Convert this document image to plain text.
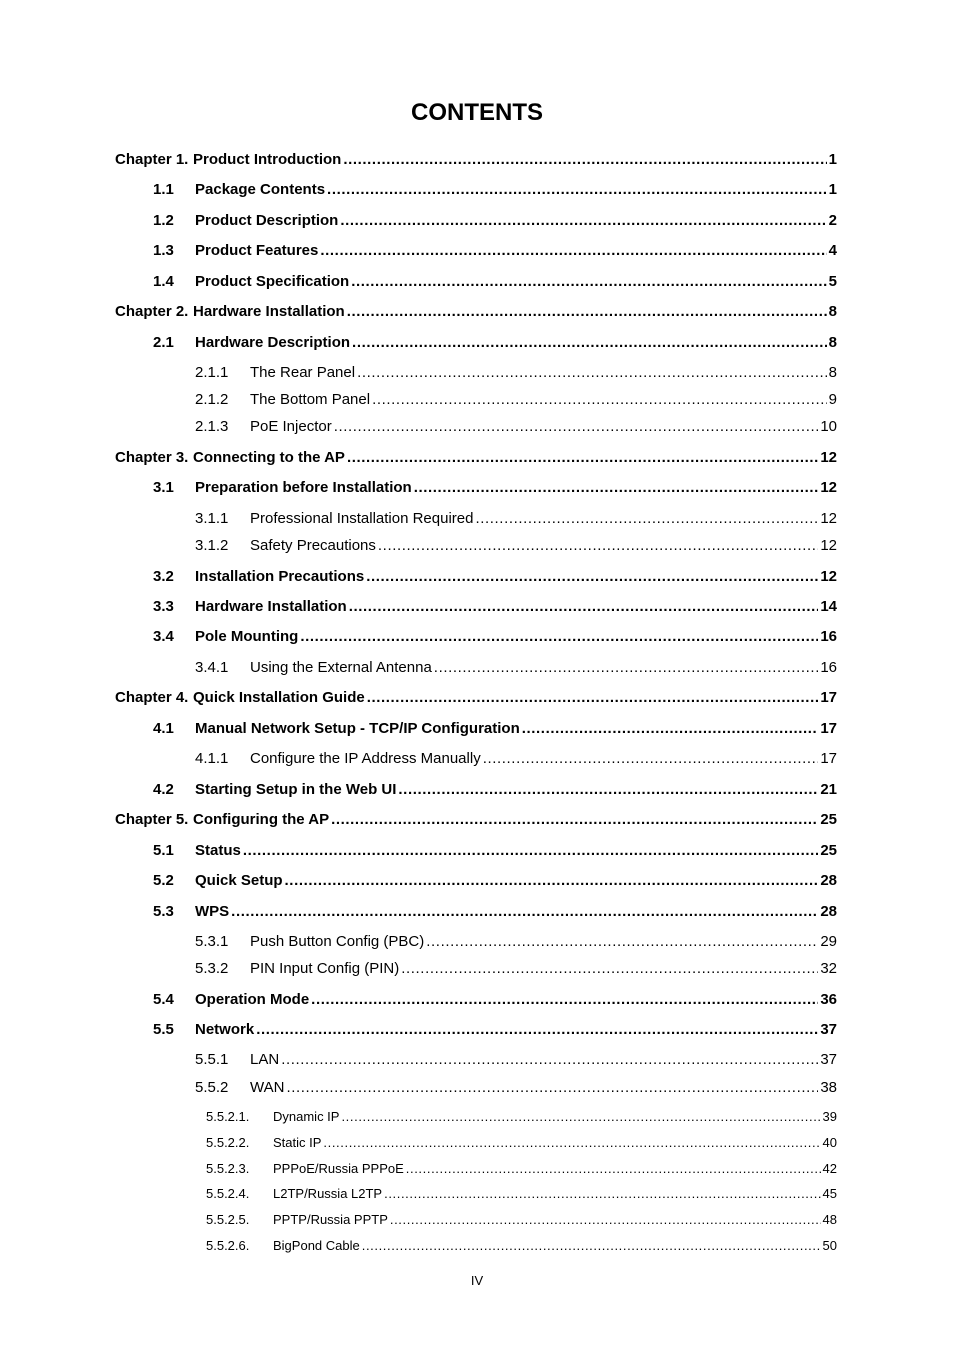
CONTENTS
Chapter 1. Product Introduction .....	1
1.1	Package Contents .....	1
1.2	Product Description .....	2
1.3	Product Features .....	4
1.4	Product Specification .....	5
Chapter 2. Hardware Installation .....	8
2.1	Hardware Description .....	8
2.1.1	The Rear Panel .....	8
2.1.2	The Bottom Panel .....	9
2.1.3	PoE Injector .....	10
Chapter 3. Connecting to the AP .....	12
3.1	Preparation before Installation .....	12
3.1.1	Professional Installation Required .....	12
3.1.2	Safety Precautions .....	12
3.2	Installation Precautions .....	12
3.3	Hardware Installation .....	14
3.4	Pole Mounting .....	16
3.4.1	Using the External Antenna .....	16
Chapter 4. Quick Installation Guide .....	17
4.1	Manual Network Setup - TCP/IP Configuration .....	17
4.1.1	Configure the IP Address Manually .....	17
4.2	Starting Setup in the Web UI .....	21
Chapter 5. Configuring the AP .....	25
5.1	Status .....	25
5.2	Quick Setup .....	28
5.3	WPS .....	28
5.3.1	Push Button Config (PBC) .....	29
5.3.2	PIN Input Config (PIN) .....	32
5.4	Operation Mode .....	36
5.5	Network .....	37
5.5.1	LAN .....	37
5.5.2	WAN .....	38
5.5.2.1.	Dynamic IP .....	39
5.5.2.2.	Static IP .....	40
5.5.2.3.	PPPoE/Russia PPPoE .....	42
5.5.2.4.	L2TP/Russia L2TP .....	45
5.5.2.5.	PPTP/Russia PPTP .....	48
5.5.2.6.	BigPond Cable .....	50
IV
